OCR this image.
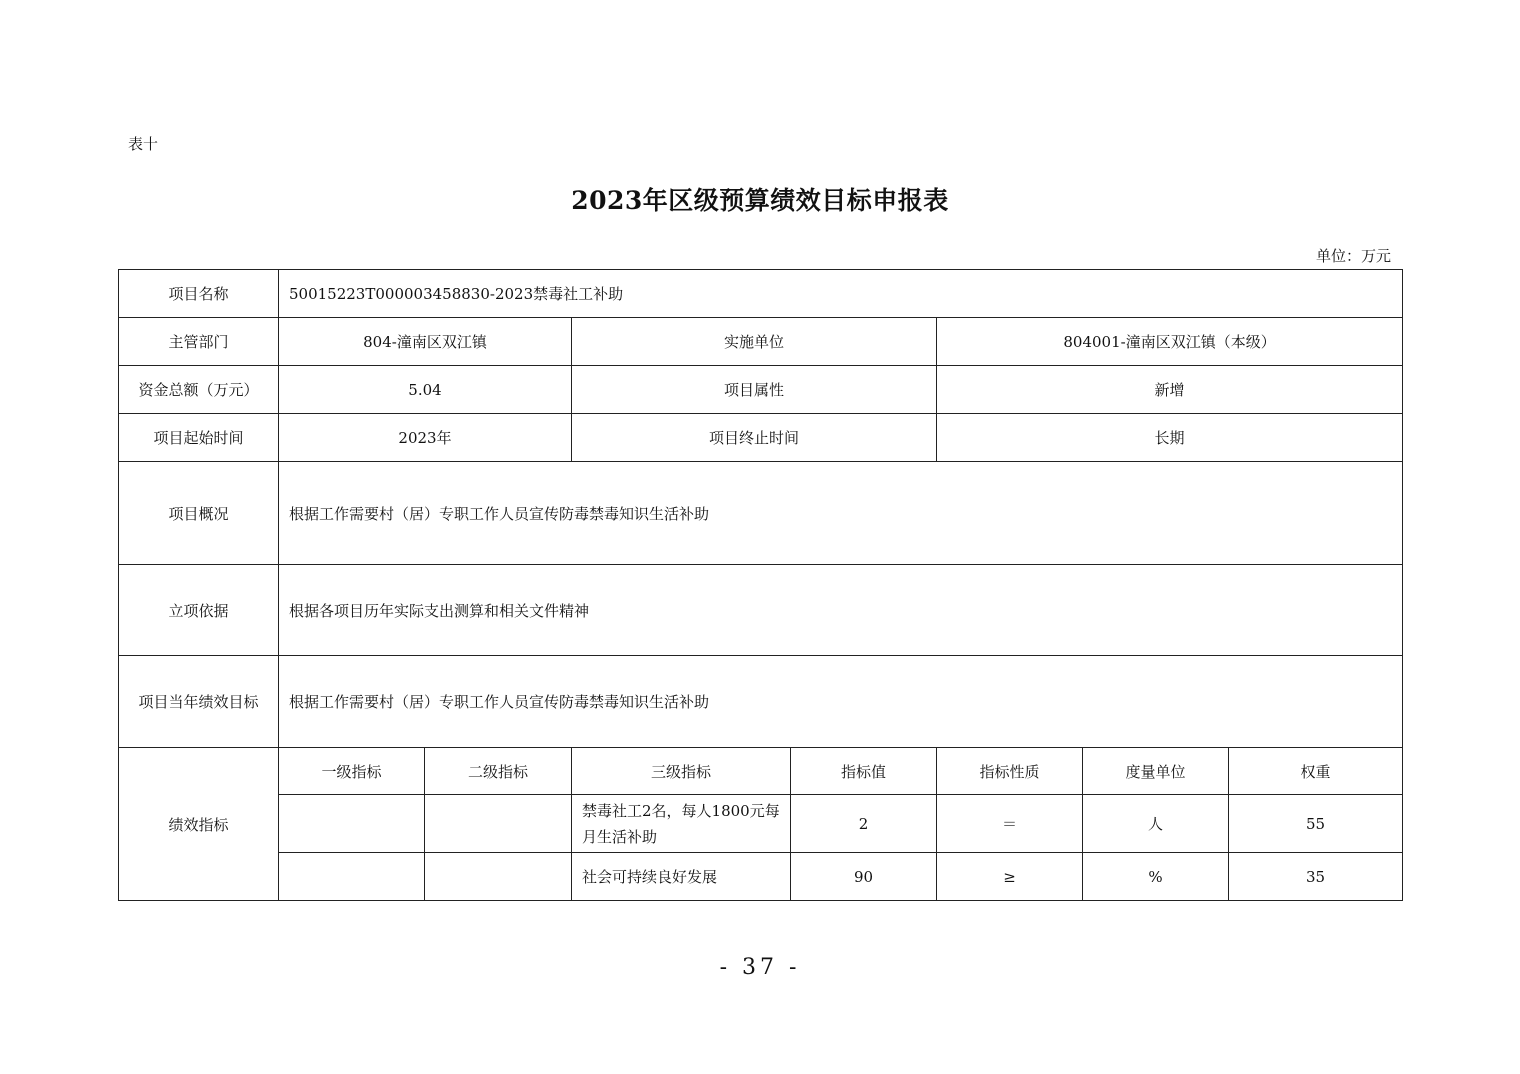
表十
2023年区级预算绩效目标申报表
单位：万元
项目名称	50015223T000003458830-2023禁毒社工补助						
主管部门	804-潼南区双江镇		实施单位		804001-潼南区双江镇（本级）		
资金总额（万元）	5.04		项目属性		新增		
项目起始时间	2023年		项目终止时间		长期		
项目概况	根据工作需要村（居）专职工作人员宣传防毒禁毒知识生活补助						
立项依据	根据各项目历年实际支出测算和相关文件精神						
项目当年绩效目标	根据工作需要村（居）专职工作人员宣传防毒禁毒知识生活补助						
绩效指标	一级指标	二级指标	三级指标	指标值	指标性质	度量单位	权重
			禁毒社工2名，每人1800元每月生活补助	2	＝	人	55
			社会可持续良好发展	90	≥	%	35
- 37 -
